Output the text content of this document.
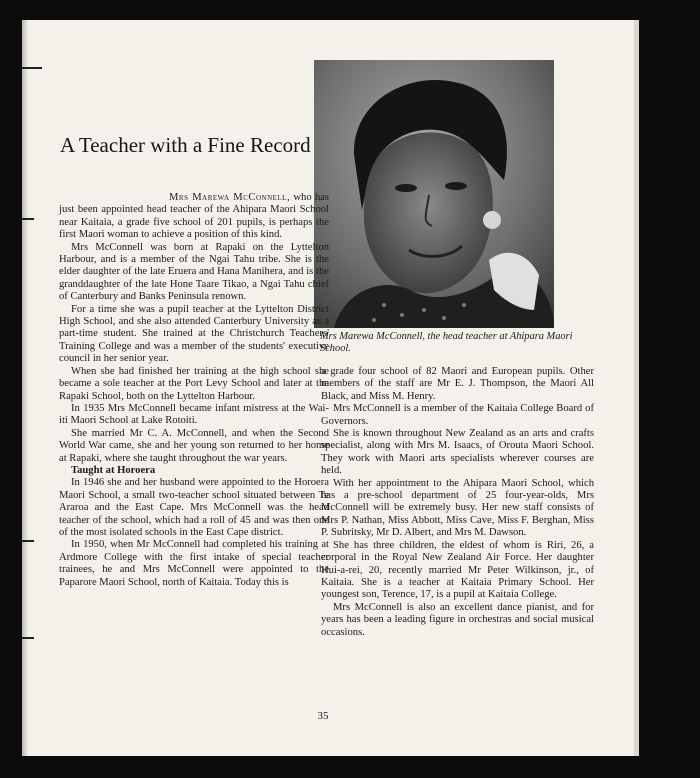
A Teacher with a Fine Record

Mrs Marewa McConnell, the head teacher at Ahipara Maori School.

Mrs Marewa McConnell, who has just been appointed head teacher of the Ahipara Maori School near Kaitaia, a grade five school of 201 pupils, is perhaps the first Maori woman to achieve a position of this kind.

Mrs McConnell was born at Rapaki on the Lyttelton Harbour, and is a member of the Ngai Tahu tribe. She is the elder daughter of the late Eruera and Hana Manihera, and is the granddaughter of the late Hone Taare Tikao, a Ngai Tahu chief of Canterbury and Banks Peninsula renown.

For a time she was a pupil teacher at the Lyttelton District High School, and she also attended Canterbury University as a part-time student. She trained at the Christchurch Teachers' Training College and was a member of the students' executive council in her senior year.

When she had finished her training at the high school she became a sole teacher at the Port Levy School and later at the Rapaki School, both on the Lyttelton Harbour.

In 1935 Mrs McConnell became infant mistress at the Wai-iti Maori School at Lake Rotoiti.

She married Mr C. A. McConnell, and when the Second World War came, she and her young son returned to her home at Rapaki, where she taught throughout the war years.

Taught at Horoera

In 1946 she and her husband were appointed to the Horoera Maori School, a small two-teacher school situated between Te Araroa and the East Cape. Mrs McConnell was the head teacher of the school, which had a roll of 45 and was then one of the most isolated schools in the East Cape district.

In 1950, when Mr McConnell had completed his training at Ardmore College with the first intake of special teacher trainees, he and Mrs McConnell were appointed to the Paparore Maori School, north of Kaitaia. Today this is

a grade four school of 82 Maori and European pupils. Other members of the staff are Mr E. J. Thompson, the Maori All Black, and Miss M. Henry.

Mrs McConnell is a member of the Kaitaia College Board of Governors.

She is known throughout New Zealand as an arts and crafts specialist, along with Mrs M. Isaacs, of Orouta Maori School. They work with Maori arts specialists wherever courses are held.

With her appointment to the Ahipara Maori School, which has a pre-school department of 25 four-year-olds, Mrs McConnell will be extremely busy. Her new staff consists of Mrs P. Nathan, Miss Abbott, Miss Cave, Miss F. Berghan, Miss P. Subritsky, Mr D. Albert, and Mrs M. Dawson.

She has three children, the eldest of whom is Riri, 26, a corporal in the Royal New Zealand Air Force. Her daughter Hui-a-rei, 20, recently married Mr Peter Wilkinson, jr., of Kaitaia. She is a teacher at Kaitaia Primary School. Her youngest son, Terence, 17, is a pupil at Kaitaia College.

Mrs McConnell is also an excellent dance pianist, and for years has been a leading figure in orchestras and social musical occasions.

35
